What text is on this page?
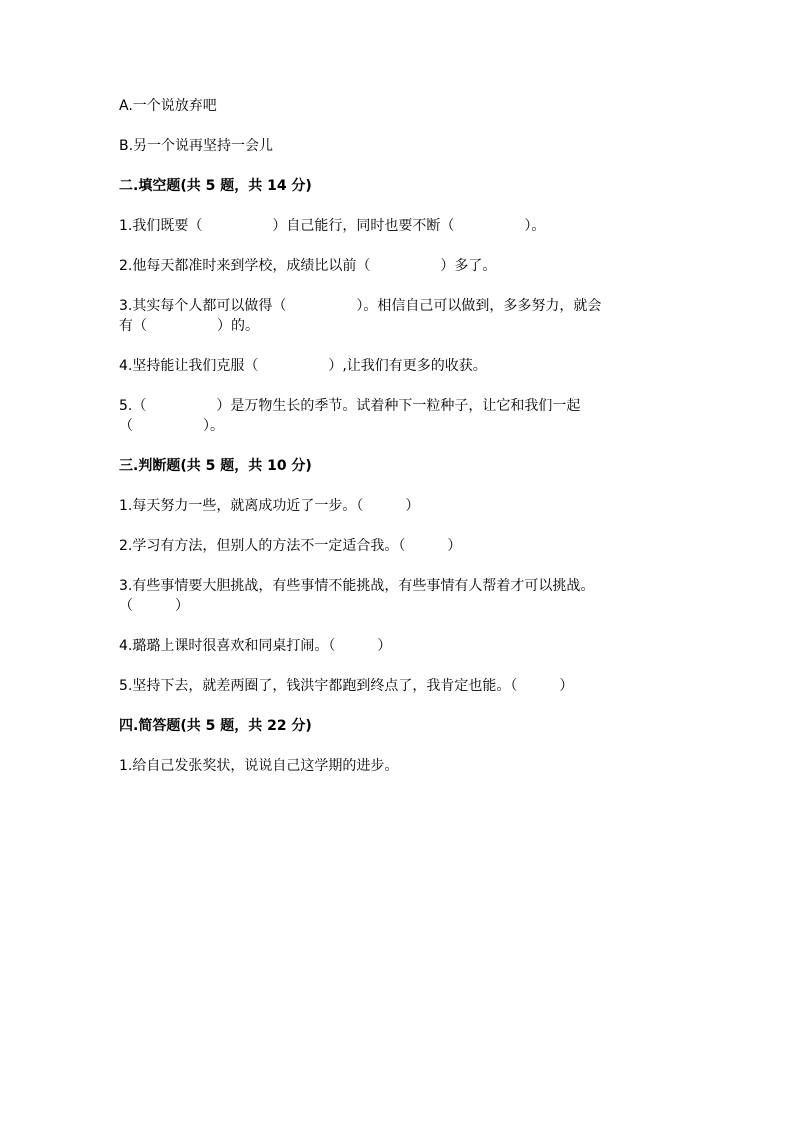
A.一个说放弃吧

B.另一个说再坚持一会儿

二.填空题(共 5 题，共 14 分)

1.我们既要（　　　　　）自己能行，同时也要不断（　　　　　）。

2.他每天都准时来到学校，成绩比以前（　　　　　）多了。

3.其实每个人都可以做得（　　　　　）。相信自己可以做到，多多努力，就会

有（　　　　　）的。

4.坚持能让我们克服（　　　　　）,让我们有更多的收获。

5.（　　　　　）是万物生长的季节。试着种下一粒种子，让它和我们一起

（　　　　　）。

三.判断题(共 5 题，共 10 分)

1.每天努力一些，就离成功近了一步。（　　　）

2.学习有方法，但别人的方法不一定适合我。（　　　）

3.有些事情要大胆挑战，有些事情不能挑战，有些事情有人帮着才可以挑战。

（　　　）

4.璐璐上课时很喜欢和同桌打闹。（　　　）

5.坚持下去，就差两圈了，钱洪宇都跑到终点了，我肯定也能。（　　　）

四.简答题(共 5 题，共 22 分)

1.给自己发张奖状，说说自己这学期的进步。
